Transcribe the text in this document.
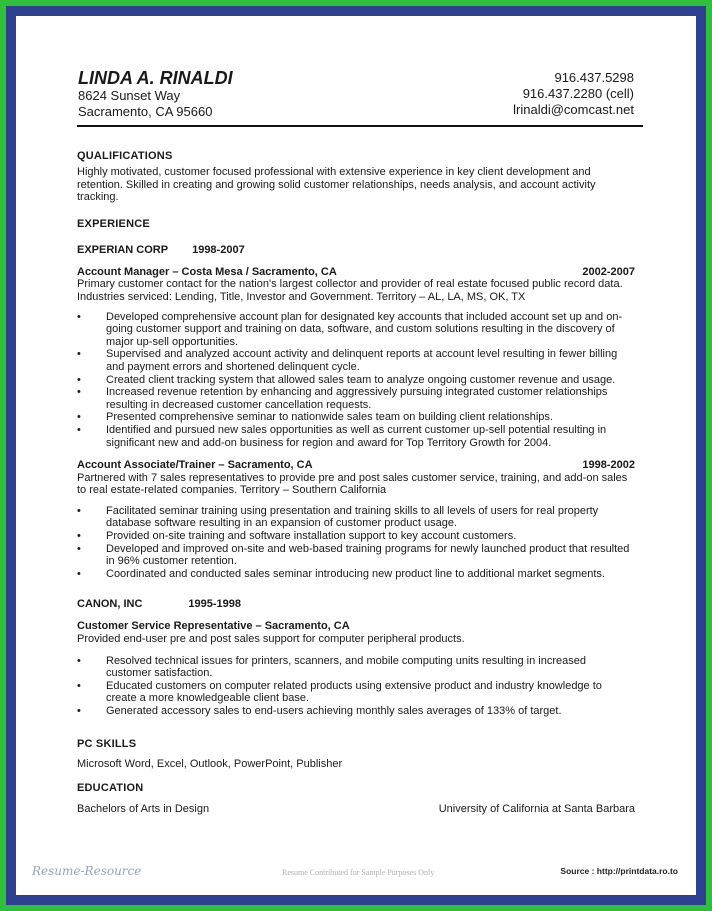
LINDA A. RINALDI
8624 Sunset Way
Sacramento, CA 95660
916.437.5298
916.437.2280 (cell)
lrinaldi@comcast.net
QUALIFICATIONS
Highly motivated, customer focused professional with extensive experience in key client development and
retention. Skilled in creating and growing solid customer relationships, needs analysis, and account activity
tracking.
EXPERIENCE
EXPERIAN CORP 1998-2007
Account Manager – Costa Mesa / Sacramento, CA	2002-2007
Primary customer contact for the nation's largest collector and provider of real estate focused public record data.
Industries serviced: Lending, Title, Investor and Government. Territory – AL, LA, MS, OK, TX
• Developed comprehensive account plan for designated key accounts that included account set up and on-
going customer support and training on data, software, and custom solutions resulting in the discovery of
major up-sell opportunities.
• Supervised and analyzed account activity and delinquent reports at account level resulting in fewer billing
and payment errors and shortened delinquent cycle.
• Created client tracking system that allowed sales team to analyze ongoing customer revenue and usage.
• Increased revenue retention by enhancing and aggressively pursuing integrated customer relationships
resulting in decreased customer cancellation requests.
• Presented comprehensive seminar to nationwide sales team on building client relationships.
• Identified and pursued new sales opportunities as well as current customer up-sell potential resulting in
significant new and add-on business for region and award for Top Territory Growth for 2004.
Account Associate/Trainer – Sacramento, CA	1998-2002
Partnered with 7 sales representatives to provide pre and post sales customer service, training, and add-on sales
to real estate-related companies. Territory – Southern California
• Facilitated seminar training using presentation and training skills to all levels of users for real property
database software resulting in an expansion of customer product usage.
• Provided on-site training and software installation support to key account customers.
• Developed and improved on-site and web-based training programs for newly launched product that resulted
in 96% customer retention.
• Coordinated and conducted sales seminar introducing new product line to additional market segments.
CANON, INC	1995-1998
Customer Service Representative – Sacramento, CA
Provided end-user pre and post sales support for computer peripheral products.
• Resolved technical issues for printers, scanners, and mobile computing units resulting in increased
customer satisfaction.
• Educated customers on computer related products using extensive product and industry knowledge to
create a more knowledgeable client base.
• Generated accessory sales to end-users achieving monthly sales averages of 133% of target.
PC SKILLS
Microsoft Word, Excel, Outlook, PowerPoint, Publisher
EDUCATION
Bachelors of Arts in Design	University of California at Santa Barbara
Resume-Resource	Resume Contributed for Sample Purposes Only	Source : http://printdata.ro.to
